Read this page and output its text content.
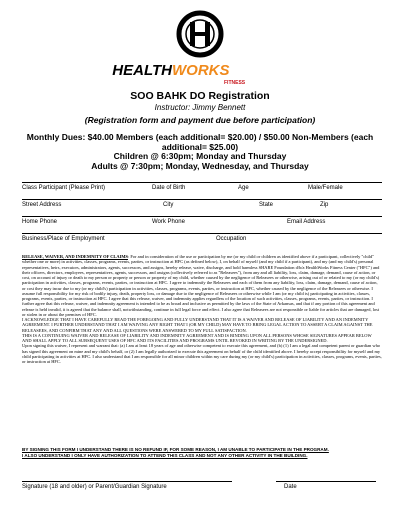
HEALTH WORKS
FITNESS
SOO BAHK DO Registration
Instructor: Jimmy Bennett
(Registration form and payment due before participation)
Monthly Dues: $40.00 Members (each additional= $20.00) / $50.00 Non-Members (each
additional= $25.00)
Children @ 6:30pm; Monday and Thursday
Adults @ 7:30pm; Monday, Wednesday, and Thursday
Class Participant (Please Print)	Date of Birth	Age	Male/Female
Street Address	City	State	Zip
Home Phone	Work Phone	Email Address
Business/Place of Employment	Occupation

RELEASE, WAIVER, AND INDEMNITY OF CLAIMS: For and in consideration of the use or participation by me (or my child or children as identified above if a participant, collectively "child" whether one or more) in activities, classes, programs, events, parties, or instruction at HFC (as defined below), I, on behalf of myself (and my child if a participant), and my (and my child's) personal representatives, heirs, executors, administrators, agents, successors, and assigns, hereby release, waive, discharge, and hold harmless SHARE Foundation d/b/a HealthWorks Fitness Center ("HFC") and their officers, directors, employees, representatives, agents, successors, and assigns (collectively referred to as "Releasees"), from any and all liability, loss, claim, damage, demand, cause of action, or cost, on account of injury or death to my person or property or person or property of my child, whether caused by the negligence of Releasees or otherwise, arising out of or related to my (or my child's) participation in activities, classes, programs, events, parties, or instruction at HFC. I agree to indemnify the Releasees and each of them from any liability, loss, claim, damage, demand, cause of action, or cost they may incur due to my (or my child's) participation in activities, classes, programs, events, parties, or instruction at HFC, whether caused by the negligence of the Releasees or otherwise. I assume full responsibility for my risk of bodily injury, death, property loss, or damage due to the negligence of Releasees or otherwise while I am (or my child is) participating in activities, classes, programs, events, parties, or instruction at HFC. I agree that this release, waiver, and indemnity applies regardless of the location of such activities, classes, programs, events, parties, or instruction. I further agree that this release, waiver, and indemnity agreement is intended to be as broad and inclusive as permitted by the laws of the State of Arkansas, and that if any portion of this agreement and release is held invalid, it is agreed that the balance shall, notwithstanding, continue in full legal force and effect. I also agree that Releasees are not responsible or liable for articles that are damaged, lost or stolen in or about the premises of HFC.

I ACKNOWLEDGE THAT I HAVE CAREFULLY READ THE FOREGOING AND FULLY UNDERSTAND THAT IT IS A WAIVER AND RELEASE OF LIABILITY AND AN INDEMNITY AGREEMENT. I FURTHER UNDERSTAND THAT I AM WAIVING ANY RIGHT THAT I (OR MY CHILD) MAY HAVE TO BRING LEGAL ACTION TO ASSERT A CLAIM AGAINST THE RELEASEES, AND CONFIRM THAT ANY AND ALL QUESTIONS WERE ANSWERED TO MY FULL SATISFACTION.

THIS IS A CONTINUING WAIVER AND RELEASE OF LIABILITY AND INDEMNITY AGREEMENT AND IS BINDING UPON ALL PERSONS WHOSE SIGNATURES APPEAR BELOW AND SHALL APPLY TO ALL SUBSEQUENT USES OF HFC AND ITS FACILITIES AND PROGRAMS UNTIL REVOKED IN WRITING BY THE UNDERSIGNED.

Upon signing this waiver, I represent and warrant that: (a) I am at least 18 years of age and otherwise competent to execute this agreement, and (b) (1) I am a legal and competent parent or guardian who has signed this agreement on mine and my child's behalf, or (2) I am legally authorized to execute this agreement on behalf of the child identified above. I hereby accept responsibility for myself and my child participating in activities at HFC. I also understand that I am responsible for all minor children within my care during my (or my child's) participation in activities, classes, programs, events, parties, or instruction at HFC.

BY SIGNING THIS FORM I UNDERSTAND THERE IS NO REFUND IF, FOR SOME REASON, I AM UNABLE TO PARTICIPATE IN THE PROGRAM.
I ALSO UNDERSTAND I ONLY HAVE AUTHORIZATION TO ATTEND THIS CLASS AND NOT ANY OTHER ACTIVITY IN THE BUILDING.
Signature (18 and older) or Parent/Guardian Signature	Date
